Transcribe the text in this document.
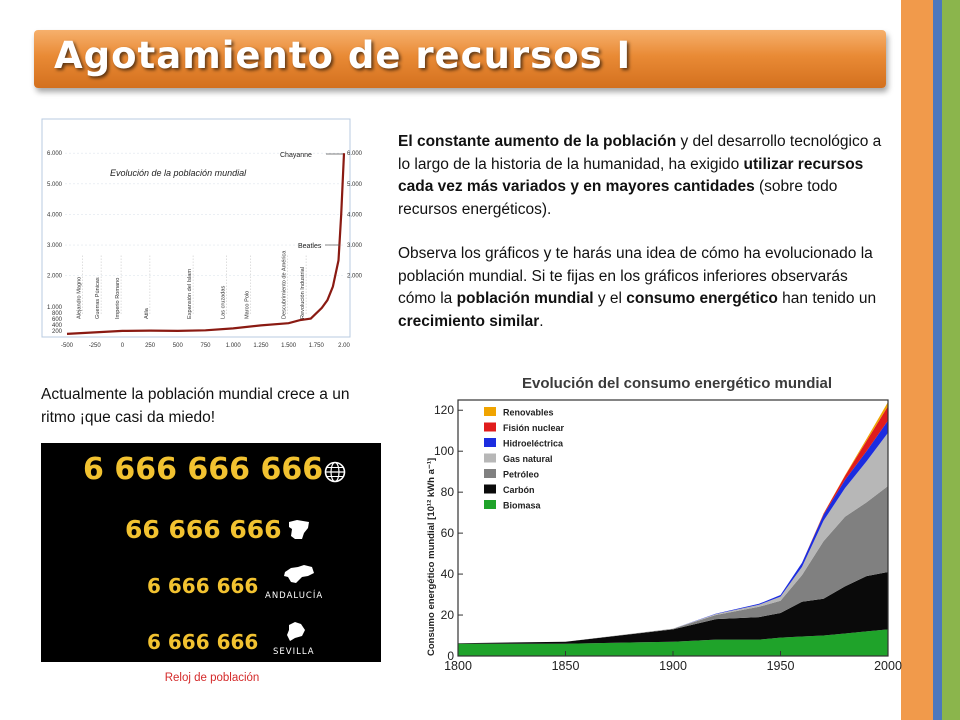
Agotamiento de recursos I
-500	-250	0	250	500	750	1.000 1.250 1.500 1.750 2.00
1.000
800
600
400
200
2.000
3.000
4.000
5.000
6.000
2.000
3.000
4.000
5.000
6.000
Alejandro Magno Guerras Púnicas Imperio Romano	Atila	Expansión del Islam	Las cruzadas	Marco Polo	Descubrimiento de América Revolución Industrial
Evolución de la población mundial
Chayanne
Beatles
El constante aumento de la población y del desarrollo tecnológico a lo largo de la historia de la humanidad, ha exigido utilizar recursos cada vez más variados y en mayores cantidades (sobre todo recursos energéticos).
Observa los gráficos y te harás una idea de cómo ha evolucionado la población mundial. Si te fijas en los gráficos inferiores observarás cómo la población mundial y el consumo energético han tenido un crecimiento similar.
Actualmente la población mundial crece a un ritmo ¡que casi da miedo!
6 666 666 666
66 666 666
6 666 666 ANDALUCÍA
6 666 666 SEVILLA
Reloj de población
Evolución del consumo energético mundial
1800	1850	1900	1950	2000
0
20
40
60
80
100
120	Renovables
Fisión nuclear
Hidroeléctrica
Gas natural
Petróleo
Carbón
Biomasa
Consumo energético mundial [10¹² kWh a⁻¹]
